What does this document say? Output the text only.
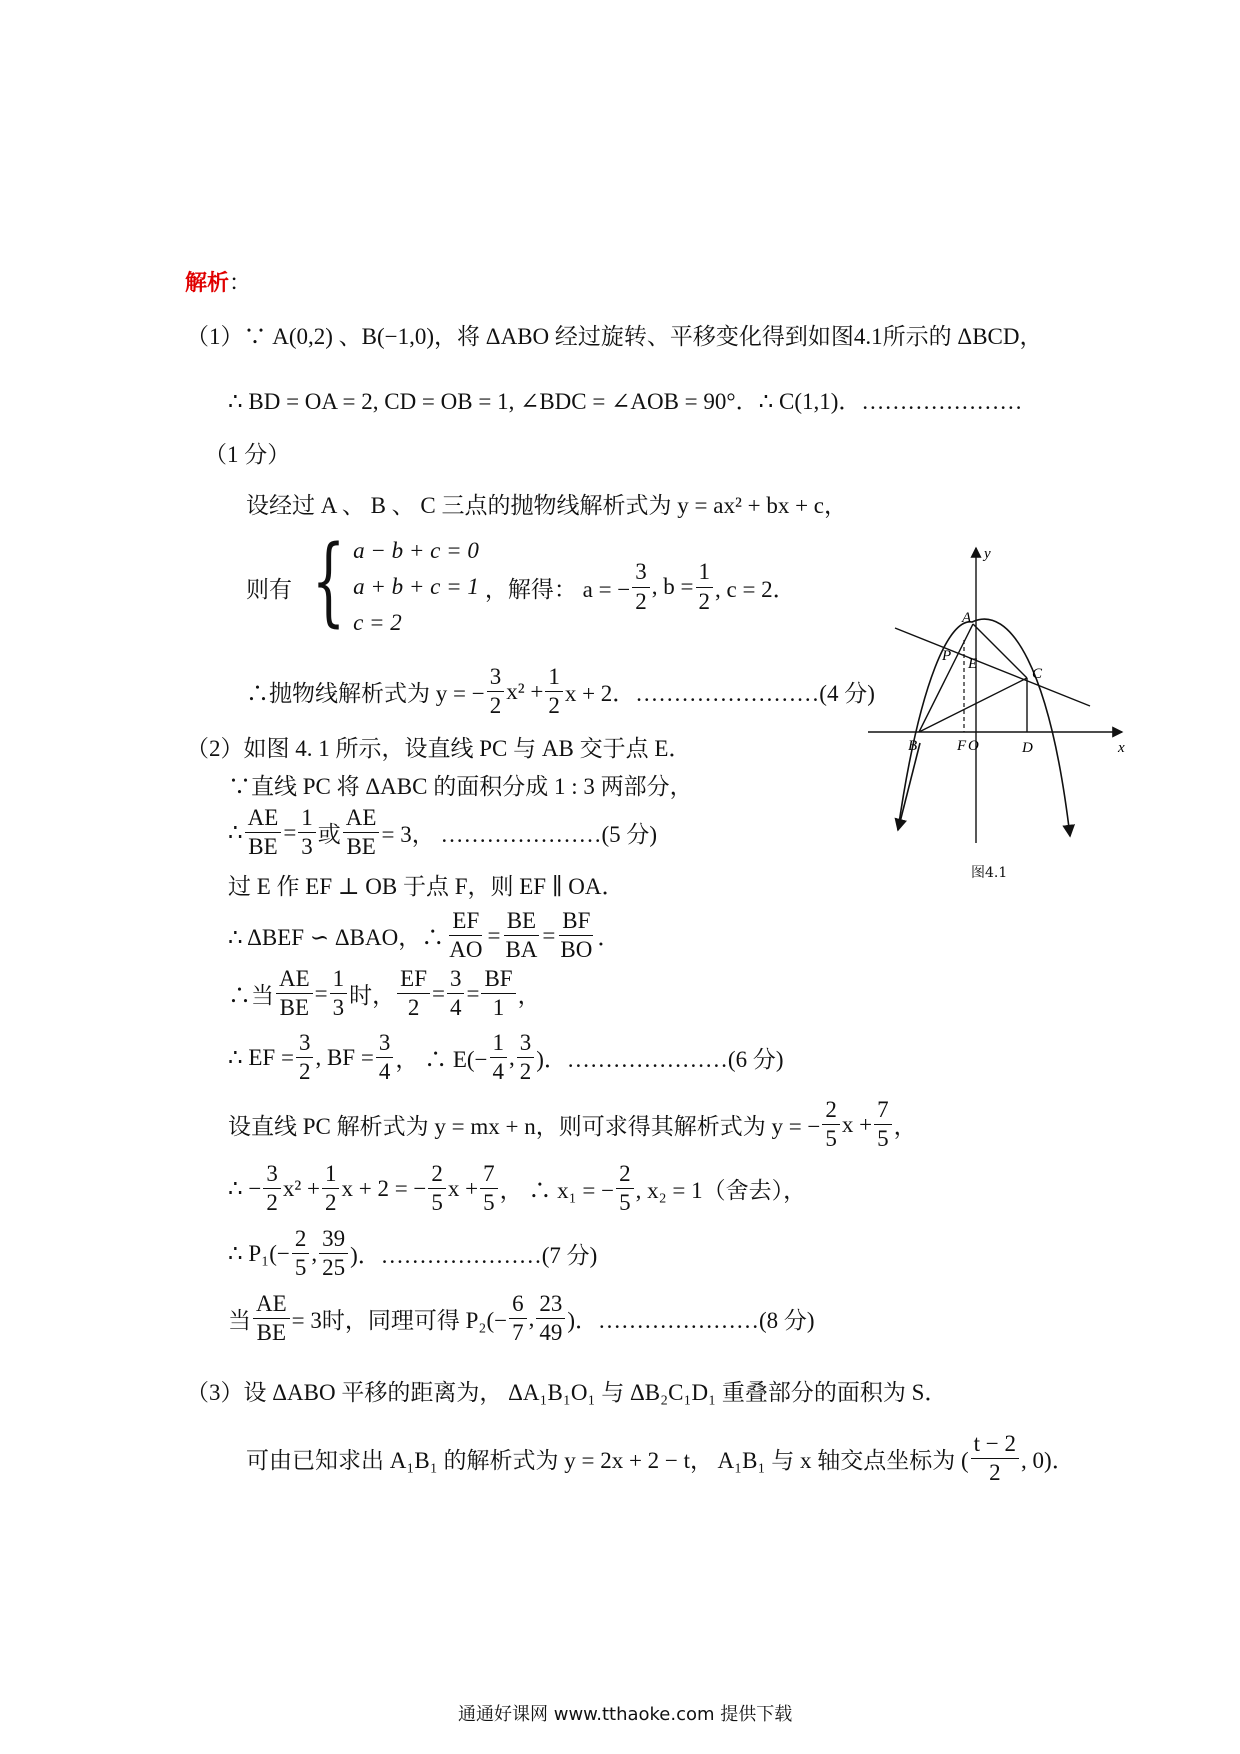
解析：
（1）∵ A(0,2) 、B(−1,0)，将 ΔABO 经过旋转、平移变化得到如图4.1所示的 ΔBCD，
∴ BD = OA = 2, CD = OB = 1, ∠BDC = ∠AOB = 90°．∴ C(1,1)．…………………
（1 分）
设经过 A 、 B 、 C 三点的抛物线解析式为 y = ax² + bx + c，
则有 { a − b + c = 0
a + b + c = 1
c = 2
，解得： a = − $\frac{3}{2}$ , $b = \frac{1}{2}$ , c = 2．
∴抛物线解析式为 y = − $\frac{3}{2} x^2 + \frac{1}{2}$ x + 2．……………………(4 分)
（2）如图 4. 1 所示，设直线 PC 与 AB 交于点 E．
∵直线 PC 将 ΔABC 的面积分成 1 : 3 两部分，
∴ $\frac{AE}{BE} = \frac{1}{3}$ 或 $\frac{AE}{BE} = 3$， …………………(5 分)
过 E 作 EF ⊥ OB 于点 F，则 EF ∥ OA．
∴ ΔBEF ∽ ΔBAO，∴ $\frac{EF}{AO} = \frac{BE}{BA} = \frac{BF}{BO}$ ．
∴当 $\frac{AE}{BE} = \frac{1}{3}$ 时， $\frac{EF}{2} = \frac{3}{4} = \frac{BF}{1}$ ，
∴ EF = $\frac{3}{2}$ , BF = $\frac{3}{4}$ ， ∴ $E(- \frac{1}{4}$ , $\frac{3}{2}$ )．…………………(6 分)
设直线 PC 解析式为 y = mx + n，则可求得其解析式为 y = − $\frac{2}{5}$ $x + \frac{7}{5}$ ，
∴ − $\frac{3}{2} x^2 + \frac{1}{2}$ x + 2 = − $\frac{2}{5}$ $x + \frac{7}{5}$ ， ∴ x₁ = − $\frac{2}{5}$ , x₂ = 1（舍去），
∴ $P_1(- \frac{2}{5}$ , $\frac{39}{25}$ )．…………………(7 分)
当 $\frac{AE}{BE} = 3$时，同理可得 $P_2(- \frac{6}{7}$ , $\frac{23}{49}$ )．…………………(8 分)
（3）设 ΔABO 平移的距离为， ΔA₁B₁O₁ 与 ΔB₂C₁D₁ 重叠部分的面积为 S．
可由已知求出 A₁B₁ 的解析式为 y = 2x + 2 − t， A₁B₁ 与 x 轴交点坐标为 ( $\frac{t - 2}{2}$ , 0)．
y
x
A
P E
C
B	F O	D
图4.1
通通好课网 www.tthaoke.com 提供下载
